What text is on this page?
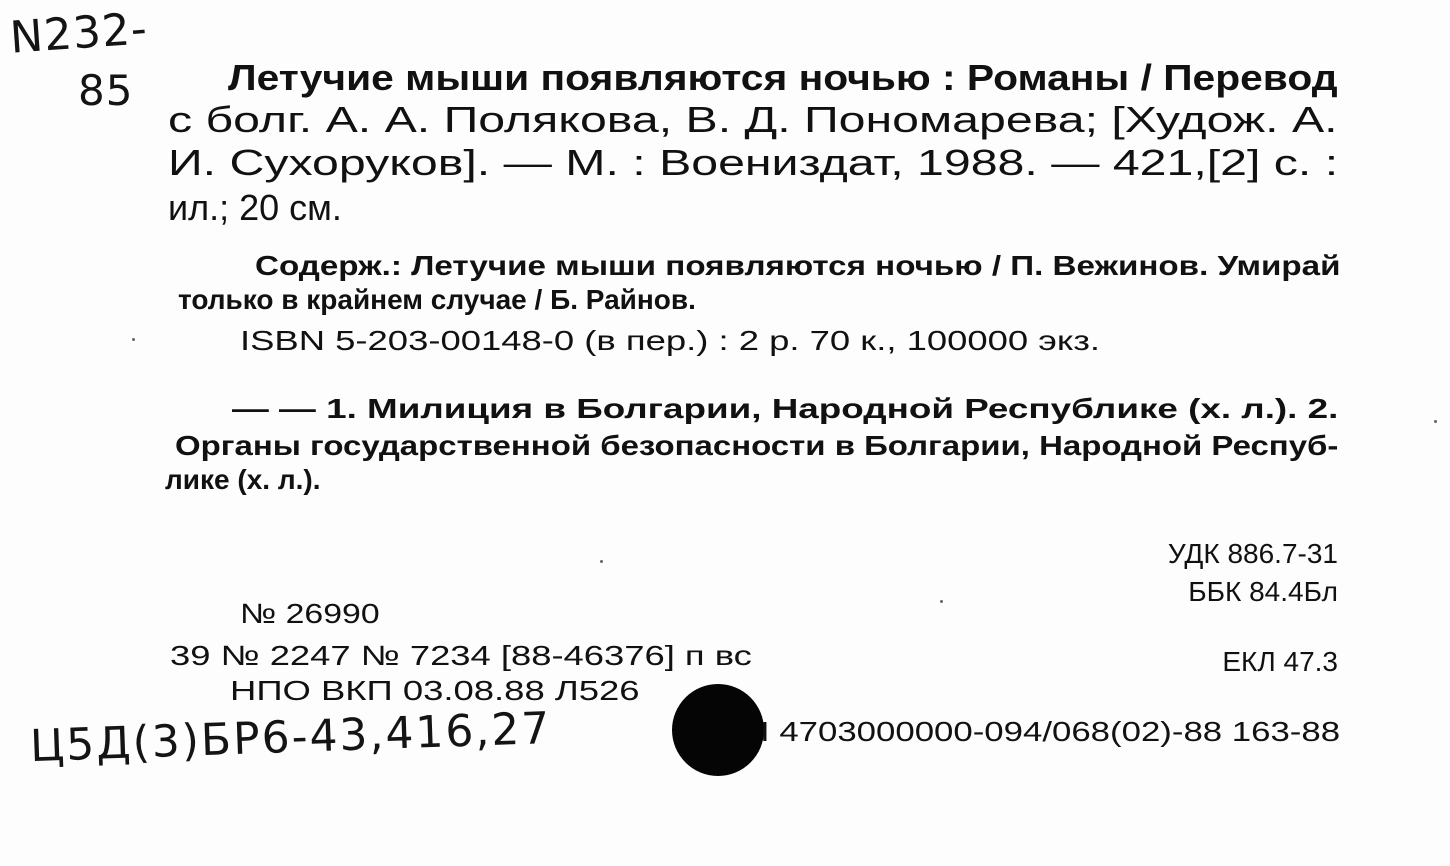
N232-
85	Летучие мыши появляются ночью : Романы / Перевод
с болг. А. А. Полякова, В. Д. Пономарева; [Худож. А.
И. Сухоруков]. — М. : Воениздат, 1988. — 421,[2] с. :
ил.; 20 см.
Содерж.: Летучие мыши появляются ночью / П. Вежинов. Умирай
только в крайнем случае / Б. Райнов.
ISBN 5-203-00148-0 (в пер.) : 2 р. 70 к., 100000 экз.
— — 1. Милиция в Болгарии, Народной Республике (х. л.). 2.
Органы государственной безопасности в Болгарии, Народной Респуб-
лике (х. л.).
УДК 886.7-31
ББК 84.4Бл
ЕКЛ 47.3
№ 26990
39 № 2247 № 7234 [88-46376] п вс
НПО ВКП 03.08.88 Л526
I 4703000000-094/068(02)-88 163-88
Ц5Д(3)БР6-43,416,27
